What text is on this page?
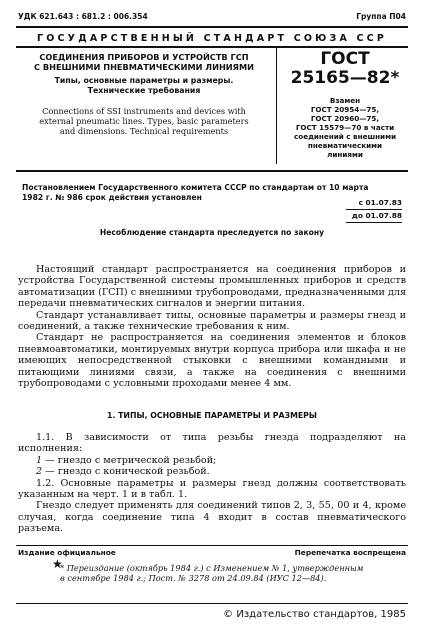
УДК 621.643 : 681.2 : 006.354	Группа П04
ГОСУДАРСТВЕННЫЙ СТАНДАРТ СОЮЗА ССР
СОЕДИНЕНИЯ ПРИБОРОВ И УСТРОЙСТВ ГСП
С ВНЕШНИМИ ПНЕВМАТИЧЕСКИМИ ЛИНИЯМИ
Типы, основные параметры и размеры.
Технические требования
Connections of SSI instruments and devices with
external pneumatic lines. Types, basic parameters
and dimensions. Technical requirements
ГОСТ
25165—82*
Взамен
ГОСТ 20954—75,
ГОСТ 20960—75,
ГОСТ 15579—70 в части
соединений с внешними
пневматическими
линиями
Постановлением Государственного комитета СССР по стандартам от 10 марта
1982 г. № 986 срок действия установлен
с 01.07.83
до 01.07.88
Несоблюдение стандарта преследуется по закону

Настоящий стандарт распространяется на соединения приборов и устройства Государственной системы промышленных приборов и средств автоматизации (ГСП) с внешними трубопроводами, предназначенными для передачи пневматических сигналов и энергии питания.

Стандарт устанавливает типы, основные параметры и размеры гнезд и соединений, а также технические требования к ним.

Стандарт не распространяется на соединения элементов и блоков пневмоавтоматики, монтируемых внутри корпуса прибора или шкафа и не имеющих непосредственной стыковки с внешними командными и питающими линиями связи, а также на соединения с внешними трубопроводами с условными проходами менее 4 мм.

1. ТИПЫ, ОСНОВНЫЕ ПАРАМЕТРЫ И РАЗМЕРЫ

1.1. В зависимости от типа резьбы гнезда подразделяют на исполнения:

1 — гнездо с метрической резьбой;

2 — гнездо с конической резьбой.

1.2. Основные параметры и размеры гнезд должны соответствовать указанным на черт. 1 и в табл. 1.

Гнездо следует применять для соединений типов 2, 3, 55, 00 и 4, кроме случая, когда соединение типа 4 входит в состав пневматического разъема.

Издание официальное	Перепечатка воспрещена
★
* Переиздание (октябрь 1984 г.) с Изменением № 1, утвержденным
в сентябре 1984 г.; Пост. № 3278 от 24.09.84 (ИУС 12—84).
© Издательство стандартов, 1985
